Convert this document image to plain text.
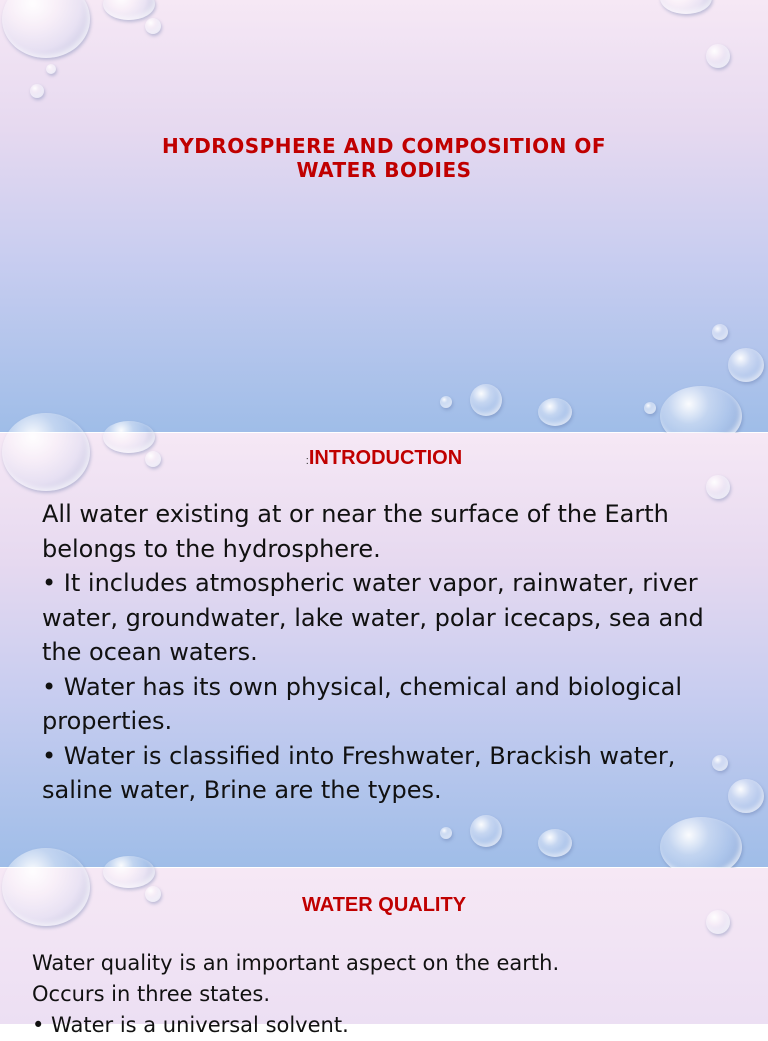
HYDROSPHERE AND COMPOSITION OF
WATER BODIES
:INTRODUCTION

All water existing at or near the surface of the Earth belongs to the hydrosphere.

• It includes atmospheric water vapor, rainwater, river water, groundwater, lake water, polar icecaps, sea and the ocean waters.

• Water has its own physical, chemical and biological properties.

• Water is classified into Freshwater, Brackish water, saline water, Brine are the types.

WATER QUALITY

Water quality is an important aspect on the earth.

Occurs in three states.

• Water is a universal solvent.
